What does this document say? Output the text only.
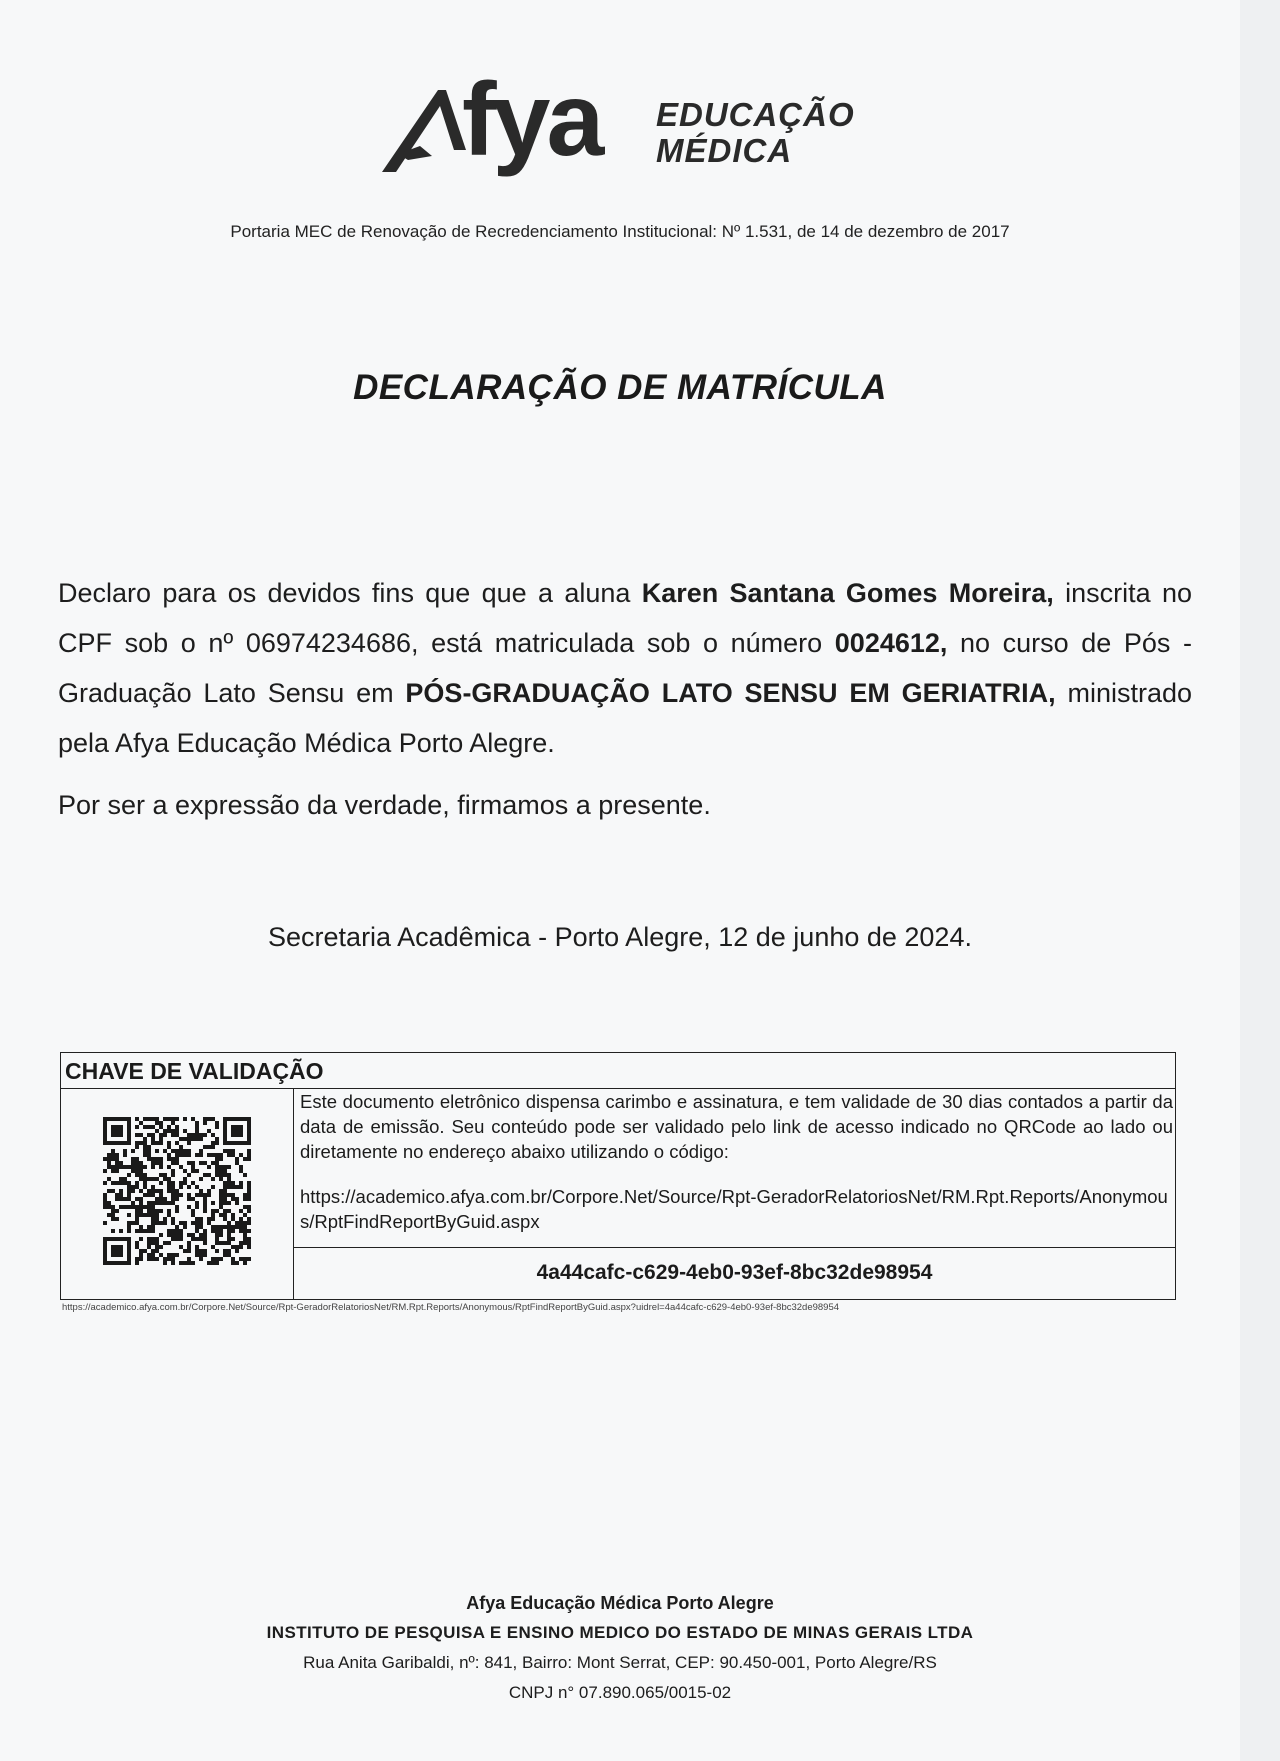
fya EDUCAÇÃO
MÉDICA
Portaria MEC de Renovação de Recredenciamento Institucional: Nº 1.531, de 14 de dezembro de 2017
DECLARAÇÃO DE MATRÍCULA
Declaro para os devidos fins que que a aluna Karen Santana Gomes Moreira, inscrita no CPF sob o nº 06974234686, está matriculada sob o número 0024612, no curso de Pós - Graduação Lato Sensu em PÓS-GRADUAÇÃO LATO SENSU EM GERIATRIA, ministrado pela Afya Educação Médica Porto Alegre.
Por ser a expressão da verdade, firmamos a presente.
Secretaria Acadêmica - Porto Alegre, 12 de junho de 2024.
CHAVE DE VALIDAÇÃO
Este documento eletrônico dispensa carimbo e assinatura, e tem validade de 30 dias contados a partir da data de emissão. Seu conteúdo pode ser validado pelo link de acesso indicado no QRCode ao lado ou diretamente no endereço abaixo utilizando o código:
https://academico.afya.com.br/Corpore.Net/Source/Rpt-GeradorRelatoriosNet/RM.Rpt.Reports/Anonymous/RptFindReportByGuid.aspx
4a44cafc-c629-4eb0-93ef-8bc32de98954
https://academico.afya.com.br/Corpore.Net/Source/Rpt-GeradorRelatoriosNet/RM.Rpt.Reports/Anonymous/RptFindReportByGuid.aspx?uidrel=4a44cafc-c629-4eb0-93ef-8bc32de98954
Afya Educação Médica Porto Alegre
INSTITUTO DE PESQUISA E ENSINO MEDICO DO ESTADO DE MINAS GERAIS LTDA
Rua Anita Garibaldi, nº: 841, Bairro: Mont Serrat, CEP: 90.450-001, Porto Alegre/RS
CNPJ n° 07.890.065/0015-02
